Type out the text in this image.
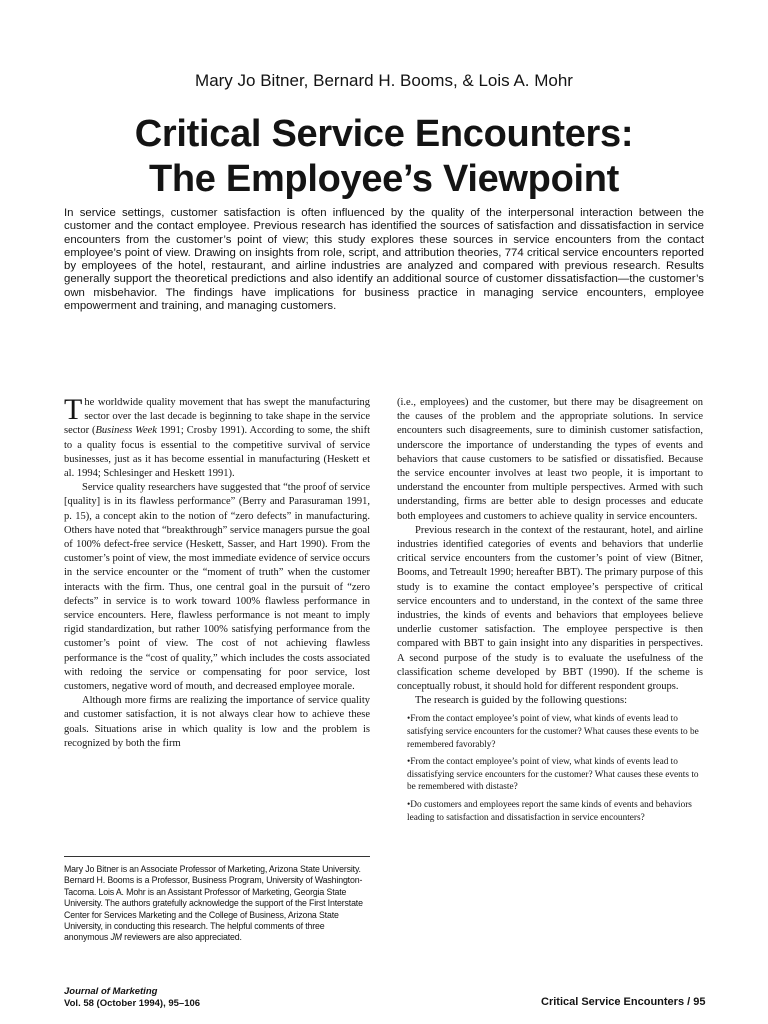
Mary Jo Bitner, Bernard H. Booms, & Lois A. Mohr
Critical Service Encounters:
The Employee’s Viewpoint

In service settings, customer satisfaction is often influenced by the quality of the interpersonal interaction between the customer and the contact employee. Previous research has identified the sources of satisfaction and dissatisfaction in service encounters from the customer’s point of view; this study explores these sources in service encounters from the contact employee’s point of view. Drawing on insights from role, script, and attribution theories, 774 critical service encounters reported by employees of the hotel, restaurant, and airline industries are analyzed and compared with previous research. Results generally support the theoretical predictions and also identify an additional source of customer dissatisfaction—the customer’s own misbehavior. The findings have implications for business practice in managing service encounters, employee empowerment and training, and managing customers.

The worldwide quality movement that has swept the manufacturing sector over the last decade is beginning to take shape in the service sector (Business Week 1991; Crosby 1991). According to some, the shift to a quality focus is essential to the competitive survival of service businesses, just as it has become essential in manufacturing (Heskett et al. 1994; Schlesinger and Heskett 1991).

Service quality researchers have suggested that “the proof of service [quality] is in its flawless performance” (Berry and Parasuraman 1991, p. 15), a concept akin to the notion of “zero defects” in manufacturing. Others have noted that “breakthrough” service managers pursue the goal of 100% defect-free service (Heskett, Sasser, and Hart 1990). From the customer’s point of view, the most immediate evidence of service occurs in the service encounter or the “moment of truth” when the customer interacts with the firm. Thus, one central goal in the pursuit of “zero defects” in service is to work toward 100% flawless performance in service encounters. Here, flawless performance is not meant to imply rigid standardization, but rather 100% satisfying performance from the customer’s point of view. The cost of not achieving flawless performance is the “cost of quality,” which includes the costs associated with redoing the service or compensating for poor service, lost customers, negative word of mouth, and decreased employee morale.

Although more firms are realizing the importance of service quality and customer satisfaction, it is not always clear how to achieve these goals. Situations arise in which quality is low and the problem is recognized by both the firm

(i.e., employees) and the customer, but there may be disagreement on the causes of the problem and the appropriate solutions. In service encounters such disagreements, sure to diminish customer satisfaction, underscore the importance of understanding the types of events and behaviors that cause customers to be satisfied or dissatisfied. Because the service encounter involves at least two people, it is important to understand the encounter from multiple perspectives. Armed with such understanding, firms are better able to design processes and educate both employees and customers to achieve quality in service encounters.

Previous research in the context of the restaurant, hotel, and airline industries identified categories of events and behaviors that underlie critical service encounters from the customer’s point of view (Bitner, Booms, and Tetreault 1990; hereafter BBT). The primary purpose of this study is to examine the contact employee’s perspective of critical service encounters and to understand, in the context of the same three industries, the kinds of events and behaviors that employees believe underlie customer satisfaction. The employee perspective is then compared with BBT to gain insight into any disparities in perspectives. A second purpose of the study is to evaluate the usefulness of the classification scheme developed by BBT (1990). If the scheme is conceptually robust, it should hold for different respondent groups.

The research is guided by the following questions:

•From the contact employee’s point of view, what kinds of events lead to satisfying service encounters for the customer? What causes these events to be remembered favorably?
•From the contact employee’s point of view, what kinds of events lead to dissatisfying service encounters for the customer? What causes these events to be remembered with distaste?
•Do customers and employees report the same kinds of events and behaviors leading to satisfaction and dissatisfaction in service encounters?

Mary Jo Bitner is an Associate Professor of Marketing, Arizona State University. Bernard H. Booms is a Professor, Business Program, University of Washington-Tacoma. Lois A. Mohr is an Assistant Professor of Marketing, Georgia State University. The authors gratefully acknowledge the support of the First Interstate Center for Services Marketing and the College of Business, Arizona State University, in conducting this research. The helpful comments of three anonymous JM reviewers are also appreciated.

Journal of Marketing
Vol. 58 (October 1994), 95–106	Critical Service Encounters / 95
